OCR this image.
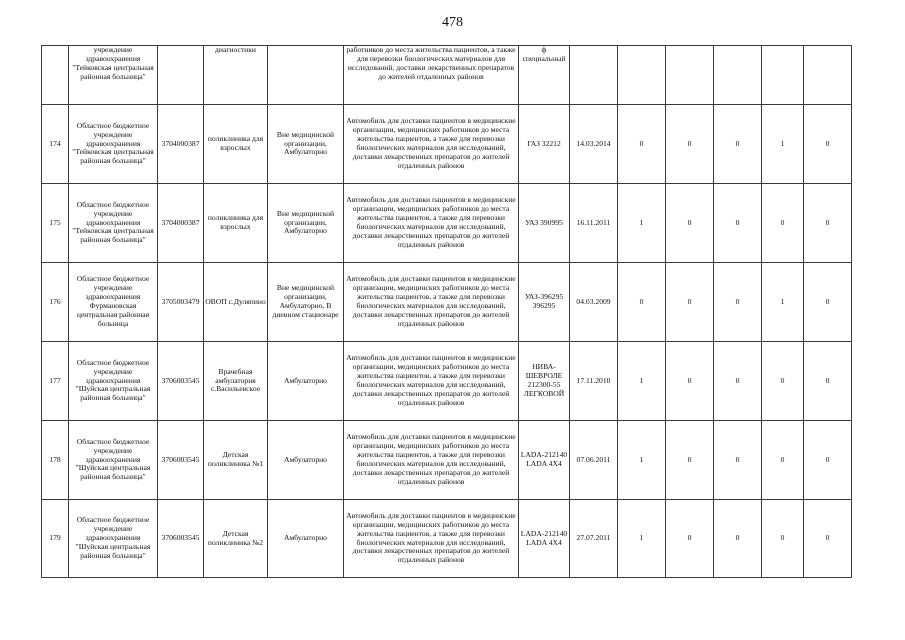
478
	учреждение здравоохранения "Тейковская центральная районная больница"		диагностики		работников до места жительства пациентов, а также для перевозки биологических материалов для исследований, доставки лекарственных препаратов до жителей отдаленных районов	ф специальный						
174	Областное бюджетное учреждение здравоохранения "Тейковская центральная районная больница"	3704000387	поликлиника для взрослых	Вне медицинской организации, Амбулаторно	Автомобиль для доставки пациентов в медицинские организации, медицинских работников до места жительства пациентов, а также для перевозки биологических материалов для исследований, доставки лекарственных препаратов до жителей отдаленных районов	ГАЗ 32212	14.03.2014	0	0	0	1	0
175	Областное бюджетное учреждение здравоохранения "Тейковская центральная районная больница"	3704000387	поликлиника для взрослых	Вне медицинской организации, Амбулаторно	Автомобиль для доставки пациентов в медицинские организации, медицинских работников до места жительства пациентов, а также для перевозки биологических материалов для исследований, доставки лекарственных препаратов до жителей отдаленных районов	УАЗ 390995	16.11.2011	1	0	0	0	0
176	Областное бюджетное учреждение здравоохранения Фурмановская центральная районная больница	3705003479	ОВОП с.Дуляпино	Вне медицинской организации, Амбулаторно, В дневном стационаре	Автомобиль для доставки пациентов в медицинские организации, медицинских работников до места жительства пациентов, а также для перевозки биологических материалов для исследований, доставки лекарственных препаратов до жителей отдаленных районов	УАЗ-396295 396295	04.03.2009	0	0	0	1	0
177	Областное бюджетное учреждение здравоохранения "Шуйская центральная районная больница"	3706003545	Врачебная амбулатория с.Васильевское	Амбулаторно	Автомобиль для доставки пациентов в медицинские организации, медицинских работников до места жительства пациентов, а также для перевозки биологических материалов для исследований, доставки лекарственных препаратов до жителей отдаленных районов	НИВА-ШЕВРОЛЕ 212300-55 ЛЕГКОВОЙ	17.11.2010	1	0	0	0	0
178	Областное бюджетное учреждение здравоохранения "Шуйская центральная районная больница"	3706003545	Детская поликлиника №1	Амбулаторно	Автомобиль для доставки пациентов в медицинские организации, медицинских работников до места жительства пациентов, а также для перевозки биологических материалов для исследований, доставки лекарственных препаратов до жителей отдаленных районов	LADA-212140 LADA 4X4	07.06.2011	1	0	0	0	0
179	Областное бюджетное учреждение здравоохранения "Шуйская центральная районная больница"	3706003545	Детская поликлиника №2	Амбулаторно	Автомобиль для доставки пациентов в медицинские организации, медицинских работников до места жительства пациентов, а также для перевозки биологических материалов для исследований, доставки лекарственных препаратов до жителей отдаленных районов	LADA-212140 LADA 4X4	27.07.2011	1	0	0	0	0
